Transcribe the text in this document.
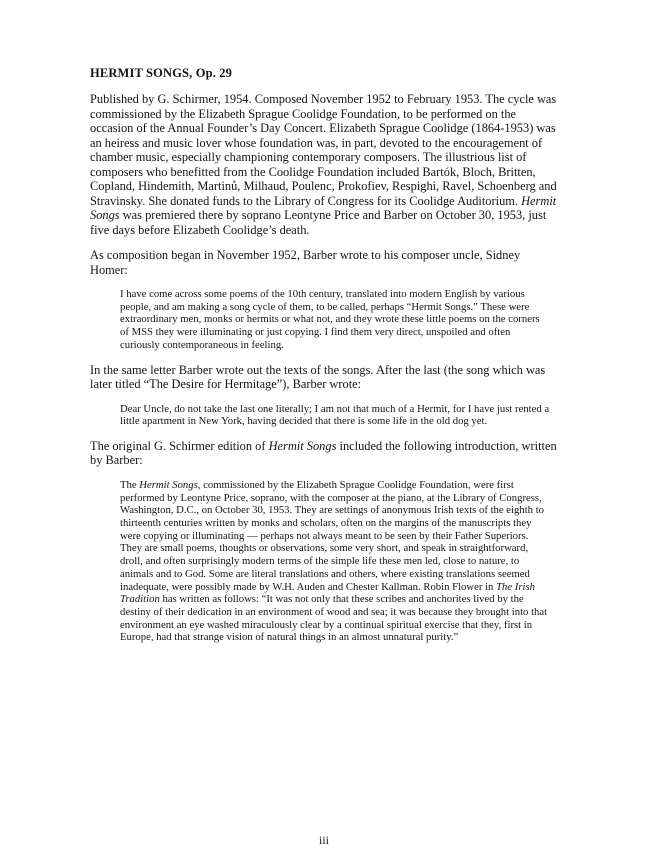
HERMIT SONGS, Op. 29

Published by G. Schirmer, 1954. Composed November 1952 to February 1953. The cycle was commissioned by the Elizabeth Sprague Coolidge Foundation, to be performed on the occasion of the Annual Founder’s Day Concert. Elizabeth Sprague Coolidge (1864-1953) was an heiress and music lover whose foundation was, in part, devoted to the encouragement of chamber music, especially championing contemporary composers. The illustrious list of composers who benefitted from the Coolidge Foundation included Bartók, Bloch, Britten, Copland, Hindemith, Martinů, Milhaud, Poulenc, Prokofiev, Respighi, Ravel, Schoenberg and Stravinsky. She donated funds to the Library of Congress for its Coolidge Auditorium. Hermit Songs was premiered there by soprano Leontyne Price and Barber on October 30, 1953, just five days before Elizabeth Coolidge’s death.

As composition began in November 1952, Barber wrote to his composer uncle, Sidney Homer:

I have come across some poems of the 10th century, translated into modern English by various people, and am making a song cycle of them, to be called, perhaps “Hermit Songs.” These were extraordinary men, monks or hermits or what not, and they wrote these little poems on the corners of MSS they were illuminating or just copying. I find them very direct, unspoiled and often curiously contemporaneous in feeling.

In the same letter Barber wrote out the texts of the songs. After the last (the song which was later titled “The Desire for Hermitage”), Barber wrote:

Dear Uncle, do not take the last one literally; I am not that much of a Hermit, for I have just rented a little apartment in New York, having decided that there is some life in the old dog yet.

The original G. Schirmer edition of Hermit Songs included the following introduction, written by Barber:

The Hermit Songs, commissioned by the Elizabeth Sprague Coolidge Foundation, were first performed by Leontyne Price, soprano, with the composer at the piano, at the Library of Congress, Washington, D.C., on October 30, 1953. They are settings of anonymous Irish texts of the eighth to thirteenth centuries written by monks and scholars, often on the margins of the manuscripts they were copying or illuminating — perhaps not always meant to be seen by their Father Superiors. They are small poems, thoughts or observations, some very short, and speak in straightforward, droll, and often surprisingly modern terms of the simple life these men led, close to nature, to animals and to God. Some are literal translations and others, where existing translations seemed inadequate, were possibly made by W.H. Auden and Chester Kallman. Robin Flower in The Irish Tradition has written as follows: “It was not only that these scribes and anchorites lived by the destiny of their dedication in an environment of wood and sea; it was because they brought into that environment an eye washed miraculously clear by a continual spiritual exercise that they, first in Europe, had that strange vision of natural things in an almost unnatural purity.”
iii
